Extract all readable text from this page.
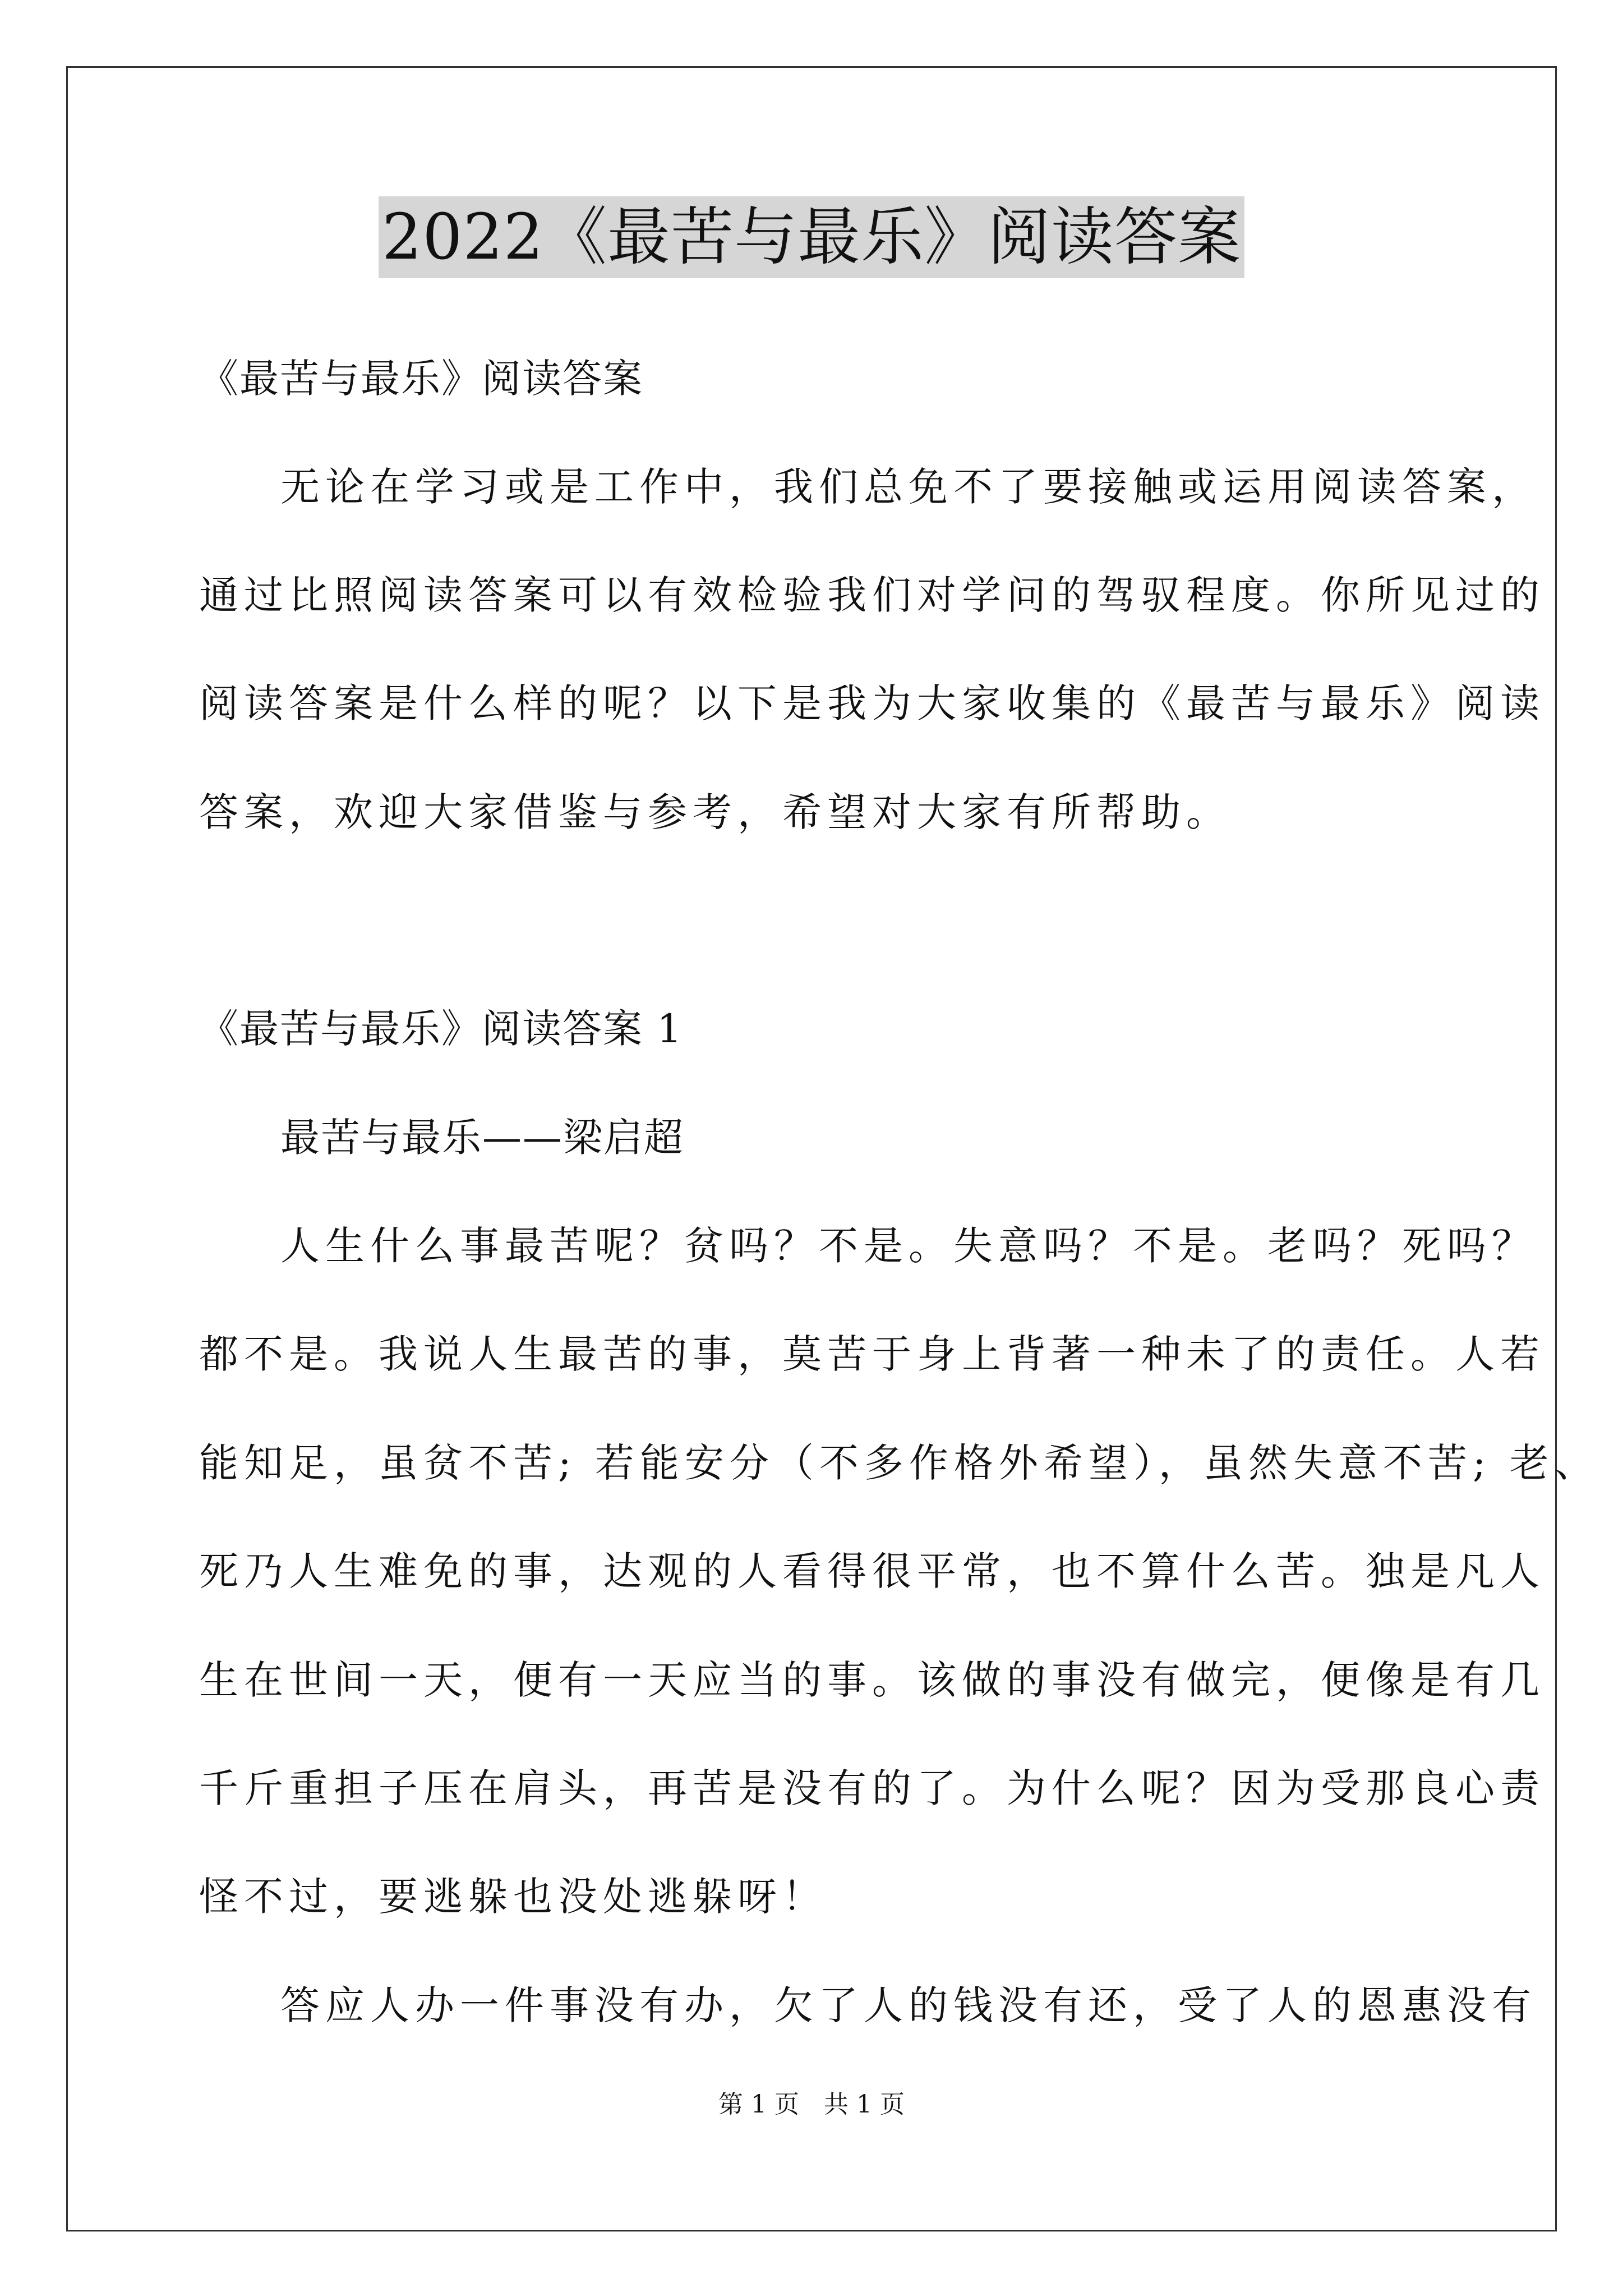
2022《最苦与最乐》阅读答案
《最苦与最乐》阅读答案
无论在学习或是工作中，我们总免不了要接触或运用阅读答案，
通过比照阅读答案可以有效检验我们对学问的驾驭程度。你所见过的
阅读答案是什么样的呢？以下是我为大家收集的《最苦与最乐》阅读
答案，欢迎大家借鉴与参考，希望对大家有所帮助。
《最苦与最乐》阅读答案 1
最苦与最乐——梁启超
人生什么事最苦呢？贫吗？不是。失意吗？不是。老吗？死吗？
都不是。我说人生最苦的事，莫苦于身上背著一种未了的责任。人若
能知足，虽贫不苦; 若能安分（不多作格外希望），虽然失意不苦; 老、
死乃人生难免的事，达观的人看得很平常，也不算什么苦。独是凡人
生在世间一天，便有一天应当的事。该做的事没有做完，便像是有几
千斤重担子压在肩头，再苦是没有的了。为什么呢？因为受那良心责
怪不过，要逃躲也没处逃躲呀！
答应人办一件事没有办，欠了人的钱没有还，受了人的恩惠没有
第 1 页　共 1 页
